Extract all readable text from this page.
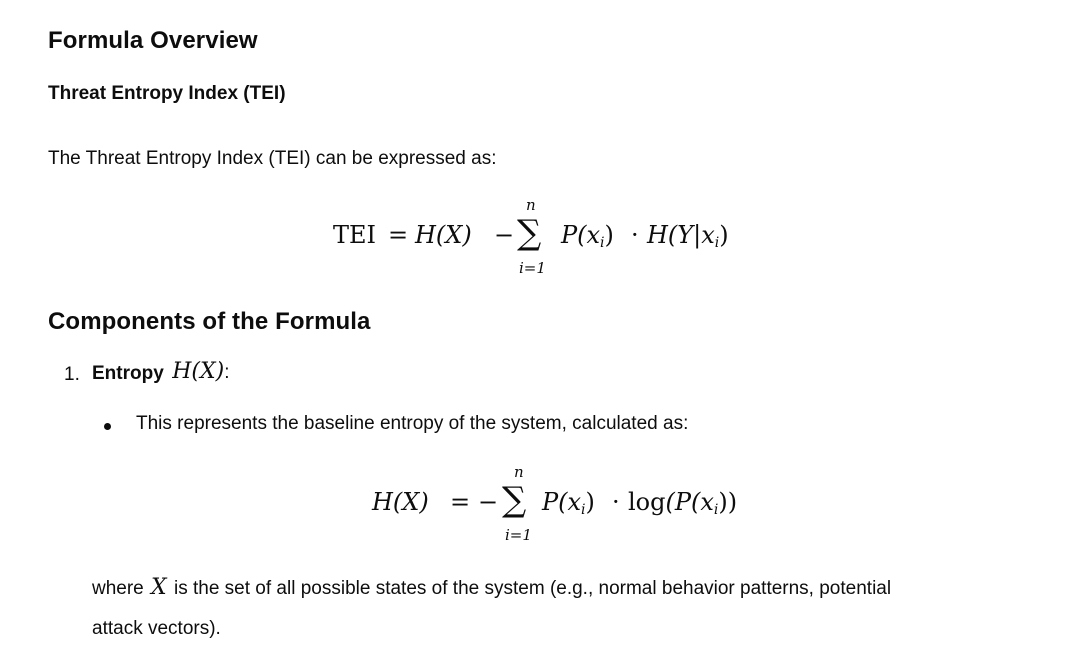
Formula Overview
Threat Entropy Index (TEI)
The Threat Entropy Index (TEI) can be expressed as:
TEI = H(X) −
n
∑
i=1
$P(x_i) \cdot H(Y|x_i)$
Components of the Formula
1. Entropy H(X):
This represents the baseline entropy of the system, calculated as:
H(X) = −
n
∑
i=1
$P(x_i) \cdot \log(P(x_i))$
where X is the set of all possible states of the system (e.g., normal behavior patterns, potential
attack vectors).
